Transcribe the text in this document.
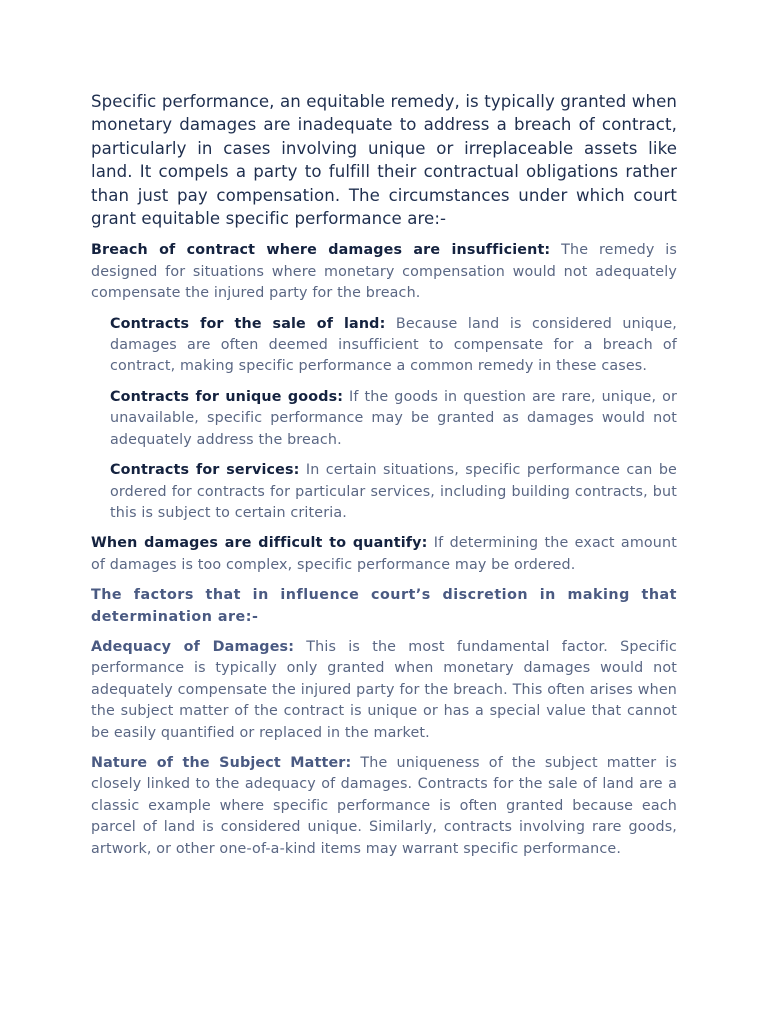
Specific performance, an equitable remedy, is typically granted when monetary damages are inadequate to address a breach of contract, particularly in cases involving unique or irreplaceable assets like land. It compels a party to fulfill their contractual obligations rather than just pay compensation. The circumstances under which court grant equitable specific performance are:-

Breach of contract where damages are insufficient: The remedy is designed for situations where monetary compensation would not adequately compensate the injured party for the breach.

Contracts for the sale of land: Because land is considered unique, damages are often deemed insufficient to compensate for a breach of contract, making specific performance a common remedy in these cases.

Contracts for unique goods: If the goods in question are rare, unique, or unavailable, specific performance may be granted as damages would not adequately address the breach.

Contracts for services: In certain situations, specific performance can be ordered for contracts for particular services, including building contracts, but this is subject to certain criteria.

When damages are difficult to quantify: If determining the exact amount of damages is too complex, specific performance may be ordered.

The factors that in influence court’s discretion in making that determination are:-

Adequacy of Damages: This is the most fundamental factor. Specific performance is typically only granted when monetary damages would not adequately compensate the injured party for the breach. This often arises when the subject matter of the contract is unique or has a special value that cannot be easily quantified or replaced in the market.

Nature of the Subject Matter: The uniqueness of the subject matter is closely linked to the adequacy of damages. Contracts for the sale of land are a classic example where specific performance is often granted because each parcel of land is considered unique. Similarly, contracts involving rare goods, artwork, or other one-of-a-kind items may warrant specific performance.
